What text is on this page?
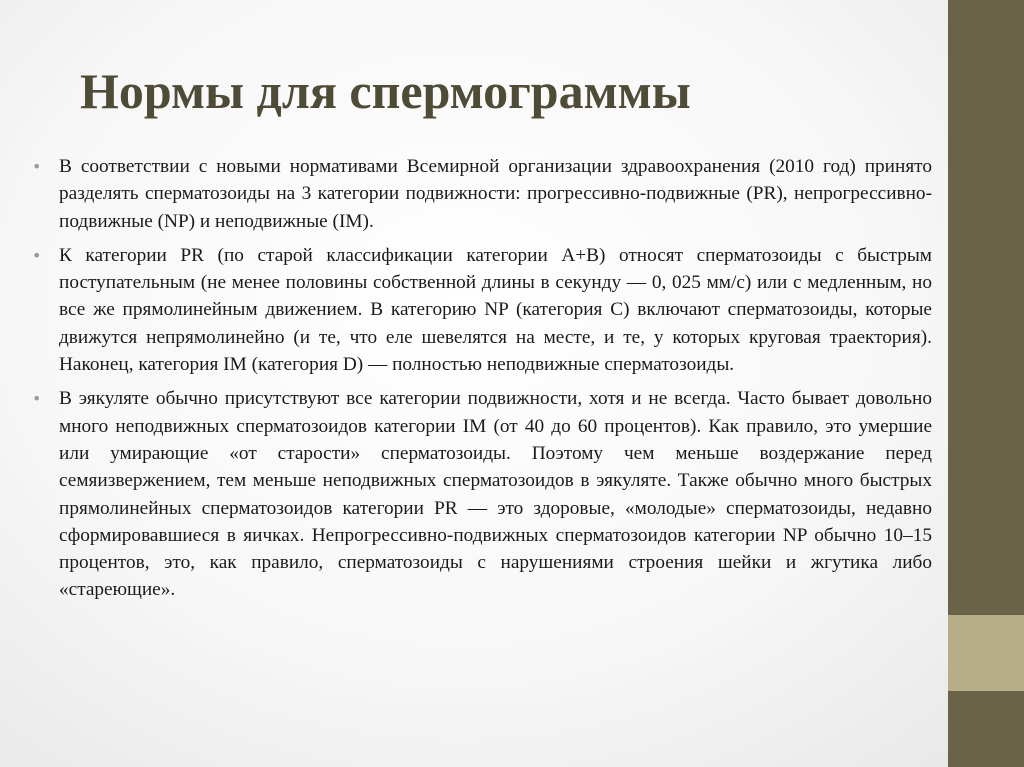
Нормы для спермограммы
• В соответствии с новыми нормативами Всемирной организации здравоохранения (2010 год) принято разделять сперматозоиды на 3 категории подвижности: прогрессивно-подвижные (PR), непрогрессивно-подвижные (NP) и неподвижные (IM).
• К категории PR (по старой классификации категории A+B) относят сперматозоиды с быстрым поступательным (не менее половины собственной длины в секунду — 0, 025 мм/с) или с медленным, но все же прямолинейным движением. В категорию NP (категория C) включают сперматозоиды, которые движутся непрямолинейно (и те, что еле шевелятся на месте, и те, у которых круговая траектория). Наконец, категория IM (категория D) — полностью неподвижные сперматозоиды.
• В эякуляте обычно присутствуют все категории подвижности, хотя и не всегда. Часто бывает довольно много неподвижных сперматозоидов категории IM (от 40 до 60 процентов). Как правило, это умершие или умирающие «от старости» сперматозоиды. Поэтому чем меньше воздержание перед семяизвержением, тем меньше неподвижных сперматозоидов в эякуляте. Также обычно много быстрых прямолинейных сперматозоидов категории PR — это здоровые, «молодые» сперматозоиды, недавно сформировавшиеся в яичках. Непрогрессивно-подвижных сперматозоидов категории NP обычно 10–15 процентов, это, как правило, сперматозоиды с нарушениями строения шейки и жгутика либо «стареющие».
